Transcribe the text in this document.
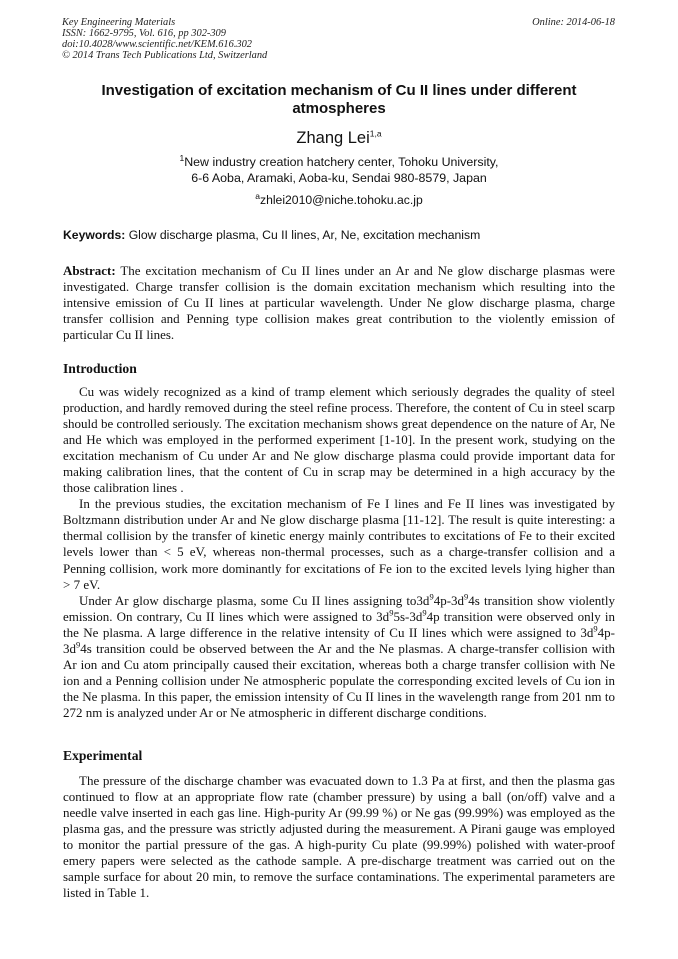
Key Engineering Materials
ISSN: 1662-9795, Vol. 616, pp 302-309
doi:10.4028/www.scientific.net/KEM.616.302
© 2014 Trans Tech Publications Ltd, Switzerland
Online: 2014-06-18
Investigation of excitation mechanism of Cu II lines under different atmospheres
Zhang Lei$^{1,a}$
$^1$New industry creation hatchery center, Tohoku University,
6-6 Aoba, Aramaki, Aoba-ku, Sendai 980-8579, Japan
$^a$zhlei2010@niche.tohoku.ac.jp
Keywords: Glow discharge plasma, Cu II lines, Ar, Ne, excitation mechanism
Abstract: The excitation mechanism of Cu II lines under an Ar and Ne glow discharge plasmas were investigated. Charge transfer collision is the domain excitation mechanism which resulting into the intensive emission of Cu II lines at particular wavelength. Under Ne glow discharge plasma, charge transfer collision and Penning type collision makes great contribution to the violently emission of particular Cu II lines.
Introduction

Cu was widely recognized as a kind of tramp element which seriously degrades the quality of steel production, and hardly removed during the steel refine process. Therefore, the content of Cu in steel scarp should be controlled seriously. The excitation mechanism shows great dependence on the nature of Ar, Ne and He which was employed in the performed experiment [1-10]. In the present work, studying on the excitation mechanism of Cu under Ar and Ne glow discharge plasma could provide important data for making calibration lines, that the content of Cu in scrap may be determined in a high accuracy by the those calibration lines .

In the previous studies, the excitation mechanism of Fe I lines and Fe II lines was investigated by Boltzmann distribution under Ar and Ne glow discharge plasma [11-12]. The result is quite interesting: a thermal collision by the transfer of kinetic energy mainly contributes to excitations of Fe to their excited levels lower than < 5 eV, whereas non-thermal processes, such as a charge-transfer collision and a Penning collision, work more dominantly for excitations of Fe ion to the excited levels lying higher than > 7 eV.

Under Ar glow discharge plasma, some Cu II lines assigning $to3d^94p-3d^94s$ transition show violently emission. On contrary, Cu II lines which were assigned to $3d^95s-3d^94p$ transition were observed only in the Ne plasma. A large difference in the relative intensity of Cu II lines which were assigned to $3d^94p-3d^94s$ transition could be observed between the Ar and the Ne plasmas. A charge-transfer collision with Ar ion and Cu atom principally caused their excitation, whereas both a charge transfer collision with Ne ion and a Penning collision under Ne atmospheric populate the corresponding excited levels of Cu ion in the Ne plasma. In this paper, the emission intensity of Cu II lines in the wavelength range from 201 nm to 272 nm is analyzed under Ar or Ne atmospheric in different discharge conditions.

Experimental

The pressure of the discharge chamber was evacuated down to 1.3 Pa at first, and then the plasma gas continued to flow at an appropriate flow rate (chamber pressure) by using a ball (on/off) valve and a needle valve inserted in each gas line. High-purity Ar (99.99 %) or Ne gas (99.99%) was employed as the plasma gas, and the pressure was strictly adjusted during the measurement. A Pirani gauge was employed to monitor the partial pressure of the gas. A high-purity Cu plate (99.99%) polished with water-proof emery papers were selected as the cathode sample. A pre-discharge treatment was carried out on the sample surface for about 20 min, to remove the surface contaminations. The experimental parameters are listed in Table 1.
